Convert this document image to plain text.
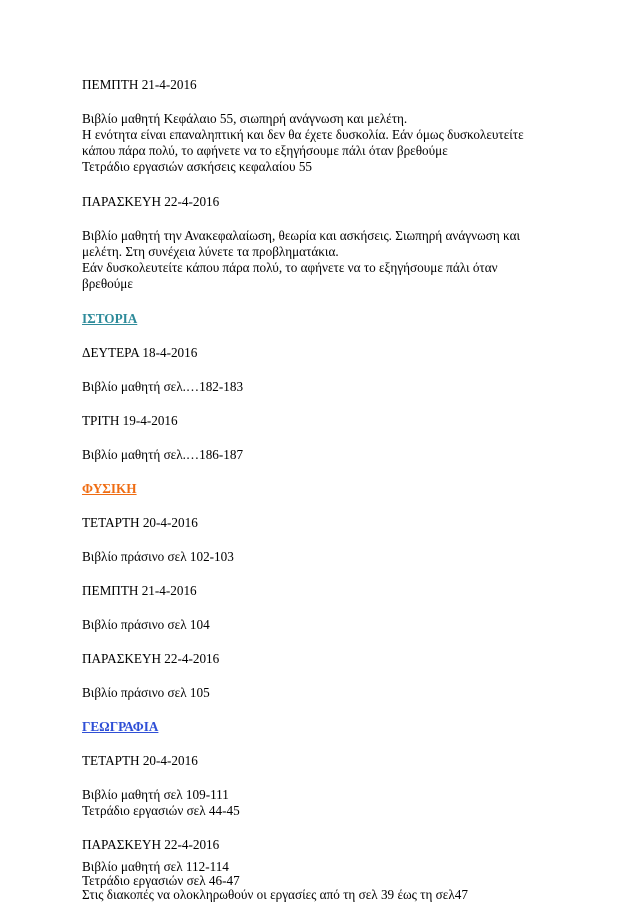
ΠΕΜΠΤΗ 21-4-2016
Βιβλίο μαθητή Κεφάλαιο 55, σιωπηρή ανάγνωση και μελέτη.
Η ενότητα είναι επαναληπτική και δεν θα έχετε δυσκολία. Εάν όμως δυσκολευτείτε
κάπου πάρα πολύ, το αφήνετε να το εξηγήσουμε πάλι όταν βρεθούμε
Τετράδιο εργασιών ασκήσεις κεφαλαίου 55
ΠΑΡΑΣΚΕΥΗ 22-4-2016
Βιβλίο μαθητή την Ανακεφαλαίωση, θεωρία και ασκήσεις. Σιωπηρή ανάγνωση και
μελέτη. Στη συνέχεια λύνετε τα προβληματάκια.
Εάν δυσκολευτείτε κάπου πάρα πολύ, το αφήνετε να το εξηγήσουμε πάλι όταν
βρεθούμε
ΙΣΤΟΡΙΑ
ΔΕΥΤΕΡΑ 18-4-2016
Βιβλίο μαθητή σελ.…182-183
ΤΡΙΤΗ 19-4-2016
Βιβλίο μαθητή σελ.…186-187
ΦΥΣΙΚΗ
ΤΕΤΑΡΤΗ 20-4-2016
Βιβλίο πράσινο σελ 102-103
ΠΕΜΠΤΗ 21-4-2016
Βιβλίο πράσινο σελ 104
ΠΑΡΑΣΚΕΥΗ 22-4-2016
Βιβλίο πράσινο σελ 105
ΓΕΩΓΡΑΦΙΑ
ΤΕΤΑΡΤΗ 20-4-2016
Βιβλίο μαθητή σελ 109-111
Τετράδιο εργασιών σελ 44-45
ΠΑΡΑΣΚΕΥΗ 22-4-2016
Βιβλίο μαθητή σελ 112-114
Τετράδιο εργασιών σελ 46-47
Στις διακοπές να ολοκληρωθούν οι εργασίες από τη σελ 39 έως τη σελ47
